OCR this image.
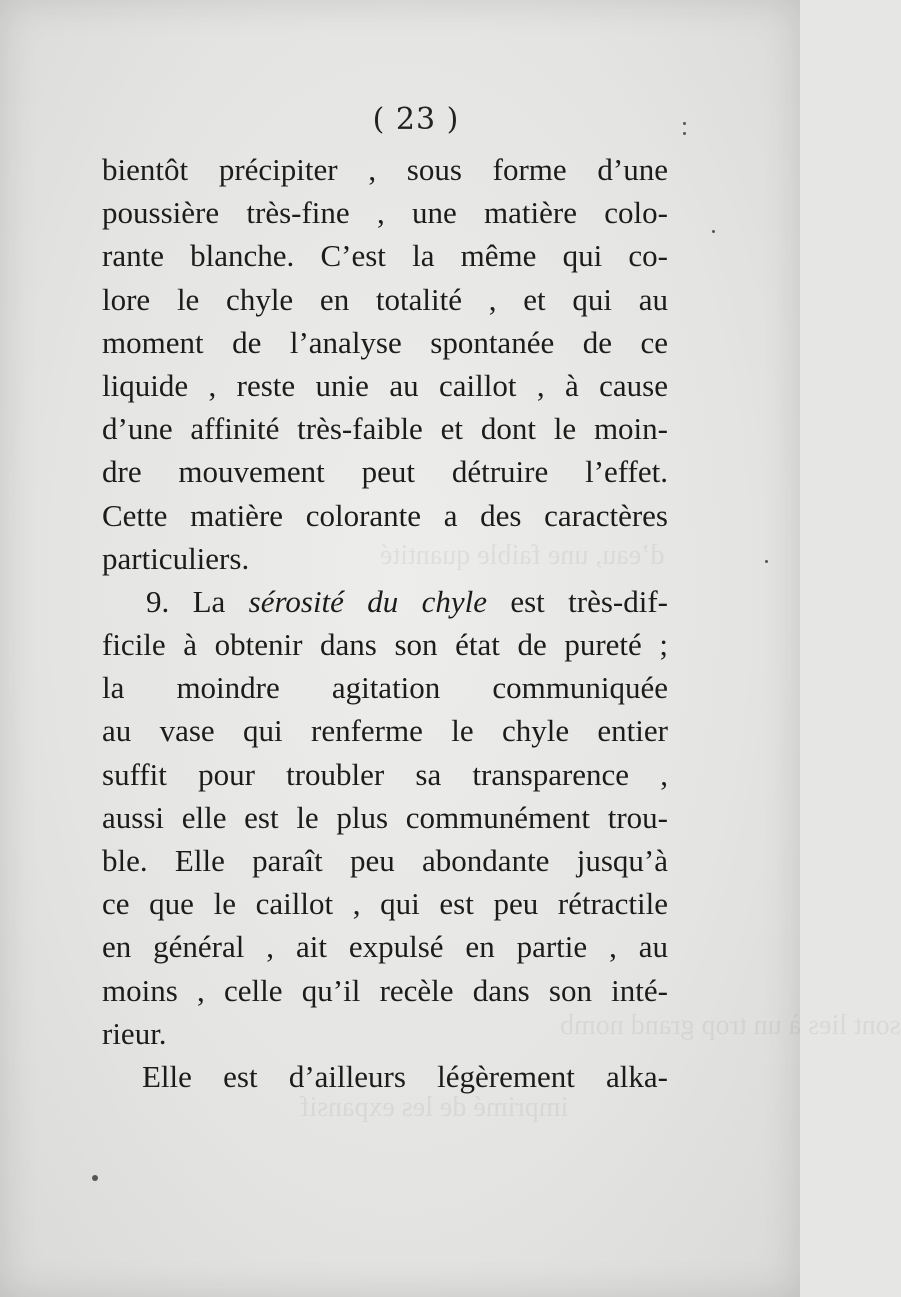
d’eau, une faible quantité
sont lies à un trop grand nomb
imprimé de les expansif
( 23 )
bientôt précipiter , sous forme d’une
poussière très-fine , une matière colo-
rante blanche. C’est la même qui co-
lore le chyle en totalité , et qui au
moment de l’analyse spontanée de ce
liquide , reste unie au caillot , à cause
d’une affinité très-faible et dont le moin-
dre mouvement peut détruire l’effet.
Cette matière colorante a des caractères
particuliers.
9. La sérosité du chyle est très-dif-
ficile à obtenir dans son état de pureté ;
la moindre agitation communiquée
au vase qui renferme le chyle entier
suffit pour troubler sa transparence ,
aussi elle est le plus communément trou-
ble. Elle paraît peu abondante jusqu’à
ce que le caillot , qui est peu rétractile
en général , ait expulsé en partie , au
moins , celle qu’il recèle dans son inté-
rieur.
Elle est d’ailleurs légèrement alka-
